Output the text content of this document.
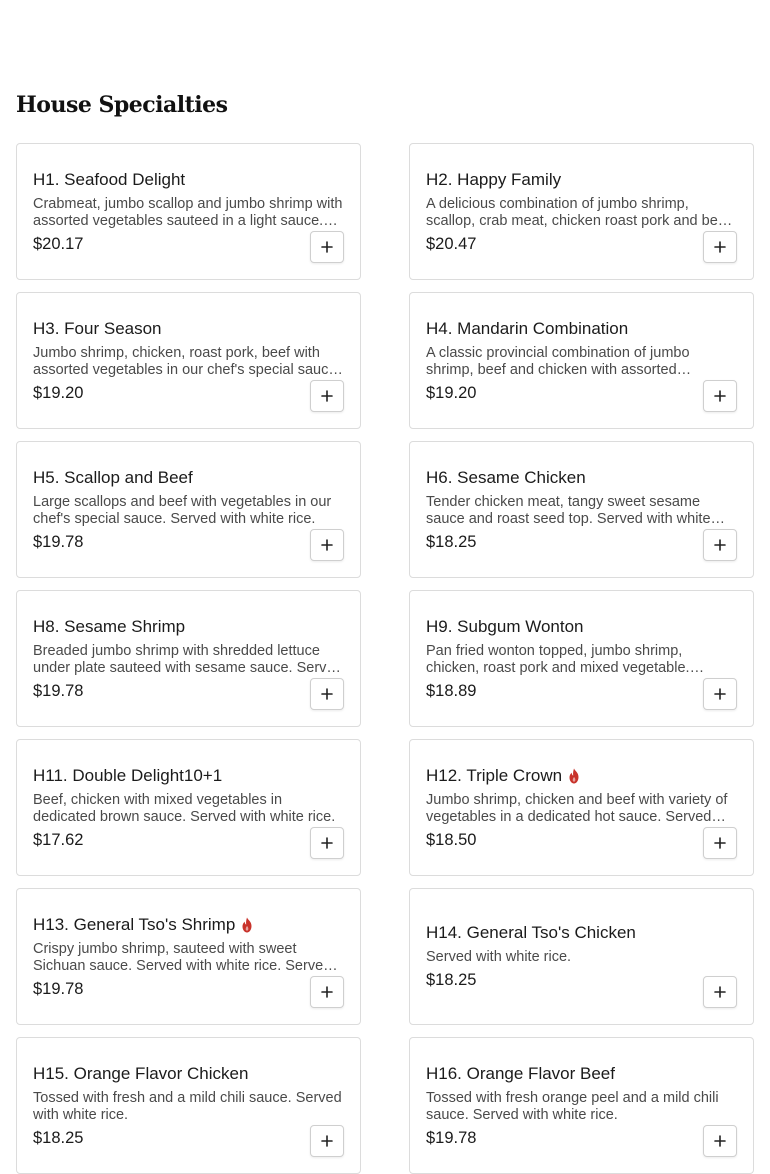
House Specialties
H1. Seafood Delight
Crabmeat, jumbo scallop and jumbo shrimp with assorted vegetables sauteed in a light sauce.
$20.17
H2. Happy Family
A delicious combination of jumbo shrimp, scallop, crab meat, chicken roast pork and beef
$20.47
H3. Four Season
Jumbo shrimp, chicken, roast pork, beef with assorted vegetables in our chef's special sauce.
$19.20
H4. Mandarin Combination
A classic provincial combination of jumbo shrimp, beef and chicken with assorted
$19.20
H5. Scallop and Beef
Large scallops and beef with vegetables in our chef's special sauce. Served with white rice.
$19.78
H6. Sesame Chicken
Tender chicken meat, tangy sweet sesame sauce and roast seed top. Served with white
$18.25
H8. Sesame Shrimp
Breaded jumbo shrimp with shredded lettuce under plate sauteed with sesame sauce. Served
$19.78
H9. Subgum Wonton
Pan fried wonton topped, jumbo shrimp, chicken, roast pork and mixed vegetable.
$18.89
H11. Double Delight10+1
Beef, chicken with mixed vegetables in dedicated brown sauce. Served with white rice.
$17.62
H12. Triple Crown
Jumbo shrimp, chicken and beef with variety of vegetables in a dedicated hot sauce. Served
$18.50
H13. General Tso's Shrimp
Crispy jumbo shrimp, sauteed with sweet Sichuan sauce. Served with white rice. Served
$19.78
H14. General Tso's Chicken
Served with white rice.
$18.25
H15. Orange Flavor Chicken
Tossed with fresh and a mild chili sauce. Served with white rice.
$18.25
H16. Orange Flavor Beef
Tossed with fresh orange peel and a mild chili sauce. Served with white rice.
$19.78
